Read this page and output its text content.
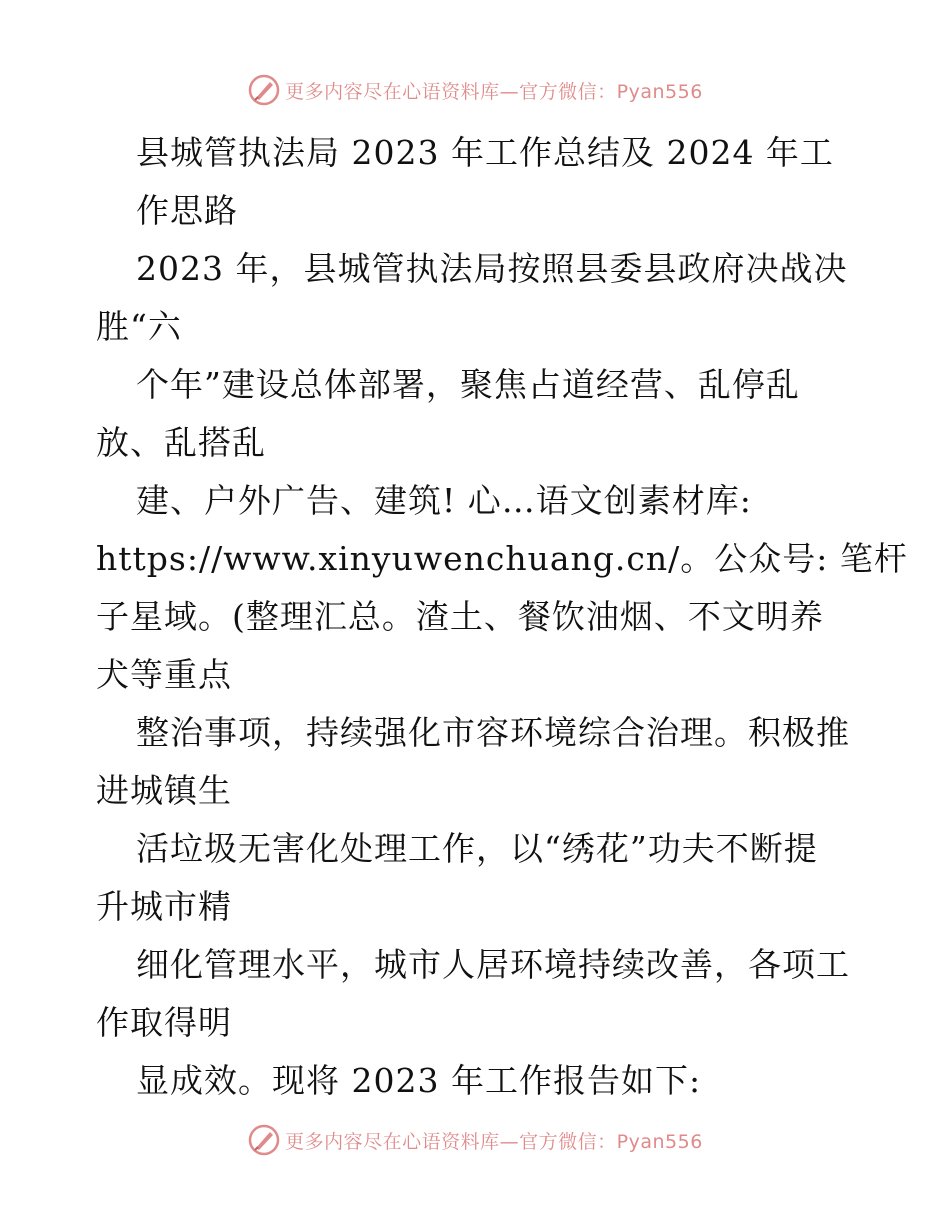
更多内容尽在心语资料库—官方微信：Pyan556
县城管执法局 2023 年工作总结及 2024 年工
作思路
2023 年，县城管执法局按照县委县政府决战决
胜“六
个年”建设总体部署，聚焦占道经营、乱停乱
放、乱搭乱
建、户外广告、建筑! 心…语文创素材库:
https://www.xinyuwenchuang.cn/。公众号: 笔杆
子星域。(整理汇总。渣土、餐饮油烟、不文明养
犬等重点
整治事项，持续强化市容环境综合治理。积极推
进城镇生
活垃圾无害化处理工作，以“绣花”功夫不断提
升城市精
细化管理水平，城市人居环境持续改善，各项工
作取得明
显成效。现将 2023 年工作报告如下:
更多内容尽在心语资料库—官方微信：Pyan556
